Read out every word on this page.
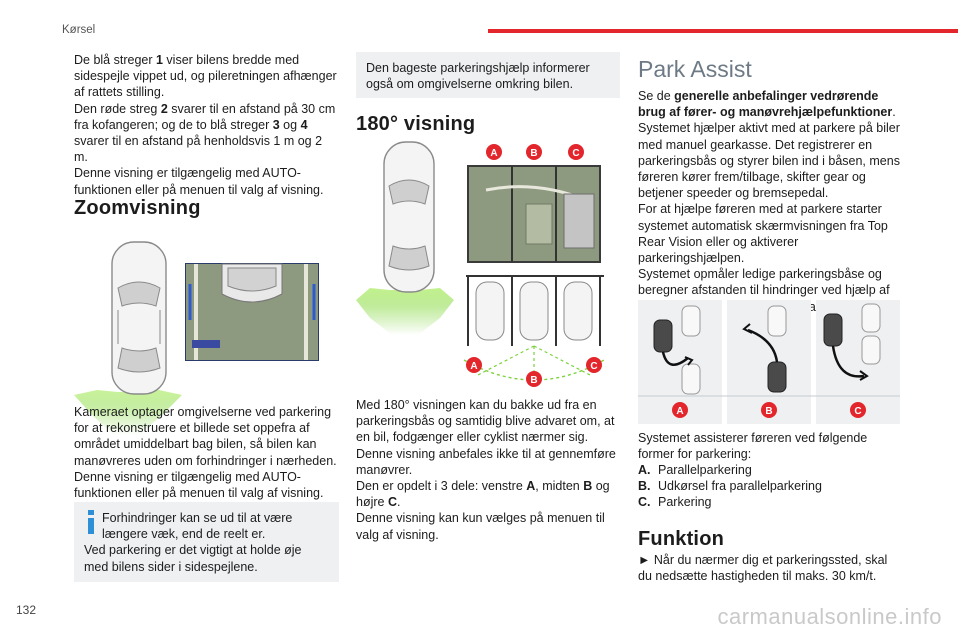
Kørsel

De blå streger 1 viser bilens bredde med sidespejle vippet ud, og pileretningen afhænger af rattets stilling.
Den røde streg 2 svarer til en afstand på 30 cm fra kofangeren; og de to blå streger 3 og 4 svarer til en afstand på henholdsvis 1 m og 2 m.
Denne visning er tilgængelig med AUTO-funktionen eller på menuen til valg af visning.

Zoomvisning

Kameraet optager omgivelserne ved parkering for at rekonstruere et billede set oppefra af området umiddelbart bag bilen, så bilen kan manøvreres uden om forhindringer i nærheden.
Denne visning er tilgængelig med AUTO-funktionen eller på menuen til valg af visning.

Forhindringer kan se ud til at være længere væk, end de reelt er.
Ved parkering er det vigtigt at holde øje med bilens sider i sidespejlene.
Den bageste parkeringshjælp informerer også om omgivelserne omkring bilen.
180° visning
A	B	C
A
B
C

Med 180° visningen kan du bakke ud fra en parkeringsbås og samtidig blive advaret om, at en bil, fodgænger eller cyklist nærmer sig.
Denne visning anbefales ikke til at gennemføre manøvrer.
Den er opdelt i 3 dele: venstre A, midten B og højre C.
Denne visning kan kun vælges på menuen til valg af visning.

Park Assist

Se de generelle anbefalinger vedrørende brug af fører- og manøvrehjælpefunktioner.
Systemet hjælper aktivt med at parkere på biler med manuel gearkasse. Det registrerer en parkeringsbås og styrer bilen ind i båsen, mens føreren kører frem/tilbage, skifter gear og betjener speeder og bremsepedal.
For at hjælpe føreren med at parkere starter systemet automatisk skærmvisningen fra Top Rear Vision eller og aktiverer parkeringshjælpen.
Systemet opmåler ledige parkeringsbåse og beregner afstanden til hindringer ved hjælp af

A	B	C

Systemet assisterer føreren ved følgende former for parkering:

A. Parallelparkering
B. Udkørsel fra parallelparkering
C. Parkering
Funktion

► Når du nærmer dig et parkeringssted, skal du nedsætte hastigheden til maks. 30 km/t.

132	carmanualsonline.info
